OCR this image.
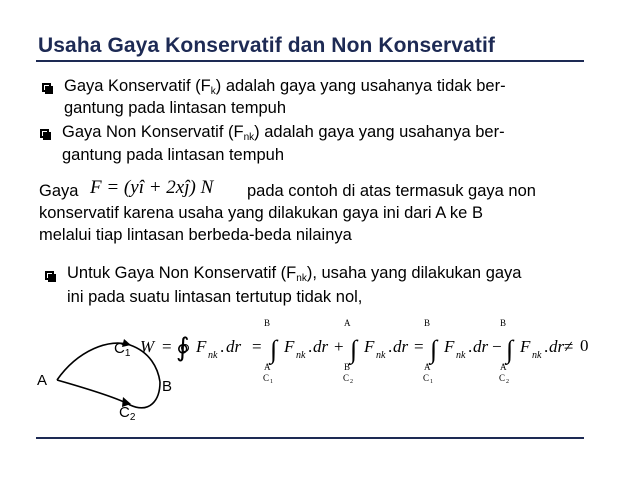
Usaha Gaya Konservatif dan Non Konservatif
Gaya Konservatif $(F_k)$ adalah gaya yang usahanya tidak ber-
gantung pada lintasan tempuh
Gaya Non Konservatif $(F_{nk})$ adalah gaya yang usahanya ber-
gantung pada lintasan tempuh
Gaya F = (yî + 2xĵ) N pada contoh di atas termasuk gaya non
konservatif karena usaha yang dilakukan gaya ini dari A ke B
melalui tiap lintasan berbeda-beda nilainya
Untuk Gaya Non Konservatif $(F_{nk})$, usaha yang dilakukan gaya
ini pada suatu lintasan tertutup tidak nol,
A	B
$C_1$
$C_2$
W = ∮ F nk . dr = ∫
B
A
C 1
F nk . dr + ∫
A
B
C 2
F nk . dr = ∫
B
A
C 1
F nk . dr − ∫
B
A
C 2
F nk . dr ≠ 0
